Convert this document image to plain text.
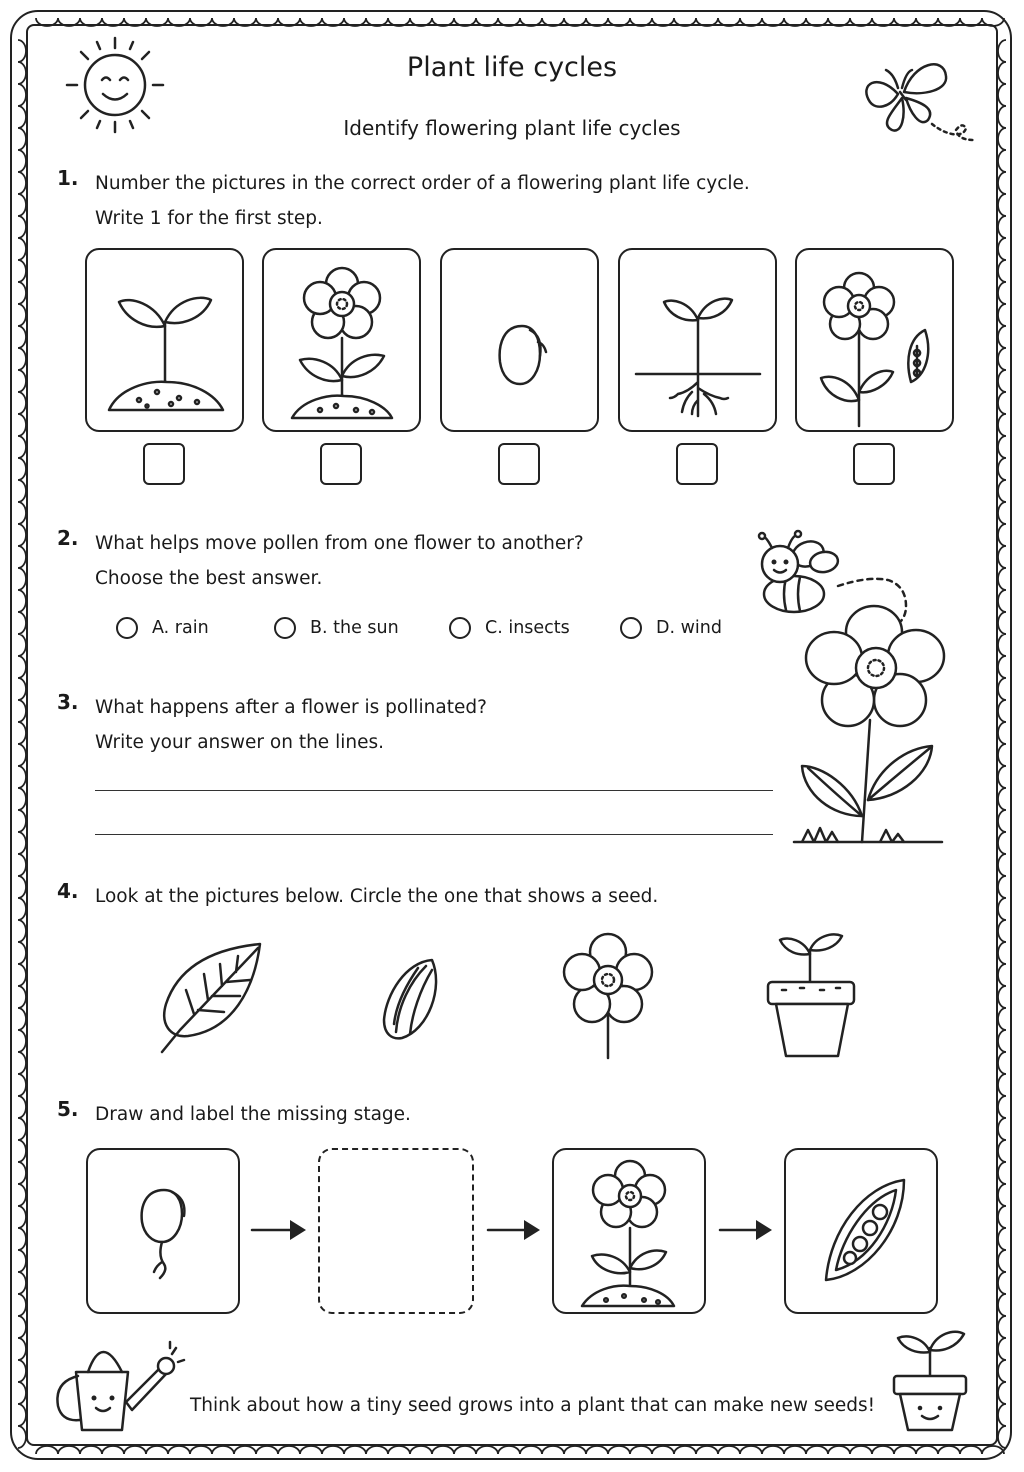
Plant life cycles
Identify flowering plant life cycles
1. Number the pictures in the correct order of a flowering plant life cycle.
Write 1 for the first step.
2. What helps move pollen from one flower to another?
Choose the best answer.
A. rain	B. the sun	C. insects	D. wind
3. What happens after a flower is pollinated?
Write your answer on the lines.
4. Look at the pictures below. Circle the one that shows a seed.
5. Draw and label the missing stage.
Think about how a tiny seed grows into a plant that can make new seeds!
